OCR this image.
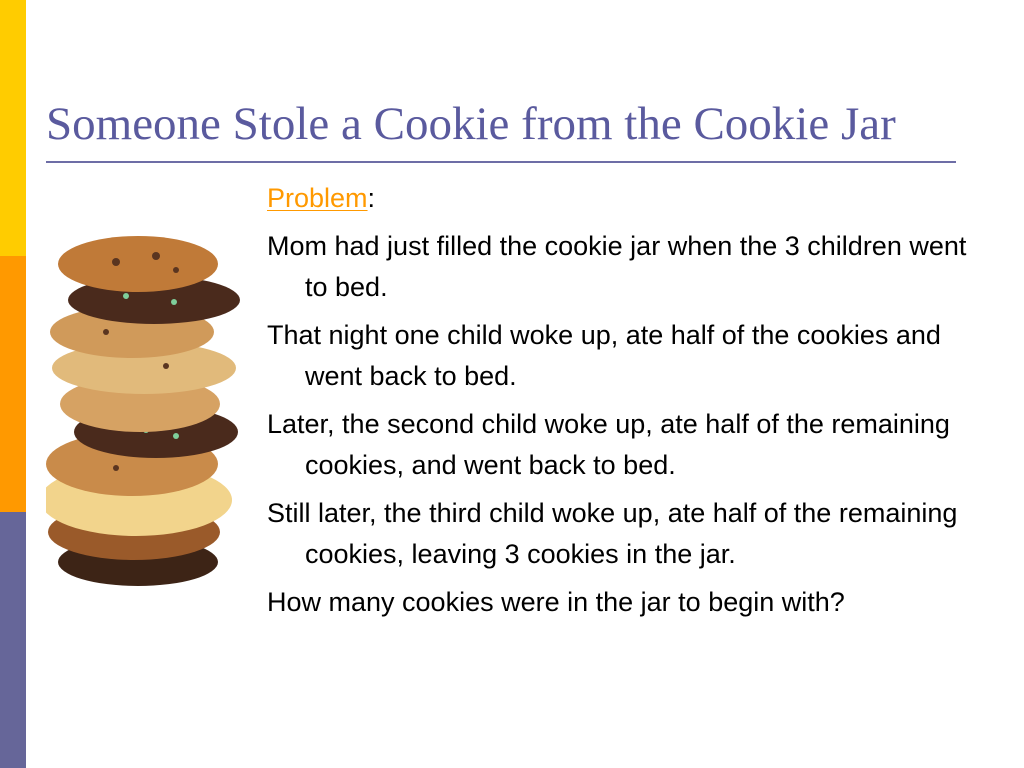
Someone Stole a Cookie from the Cookie Jar

Problem:

Mom had just filled the cookie jar when the 3 children went to bed.

That night one child woke up, ate half of the cookies and went back to bed.

Later, the second child woke up, ate half of the remaining cookies, and went back to bed.

Still later, the third child woke up, ate half of the remaining cookies, leaving 3 cookies in the jar.

How many cookies were in the jar to begin with?
